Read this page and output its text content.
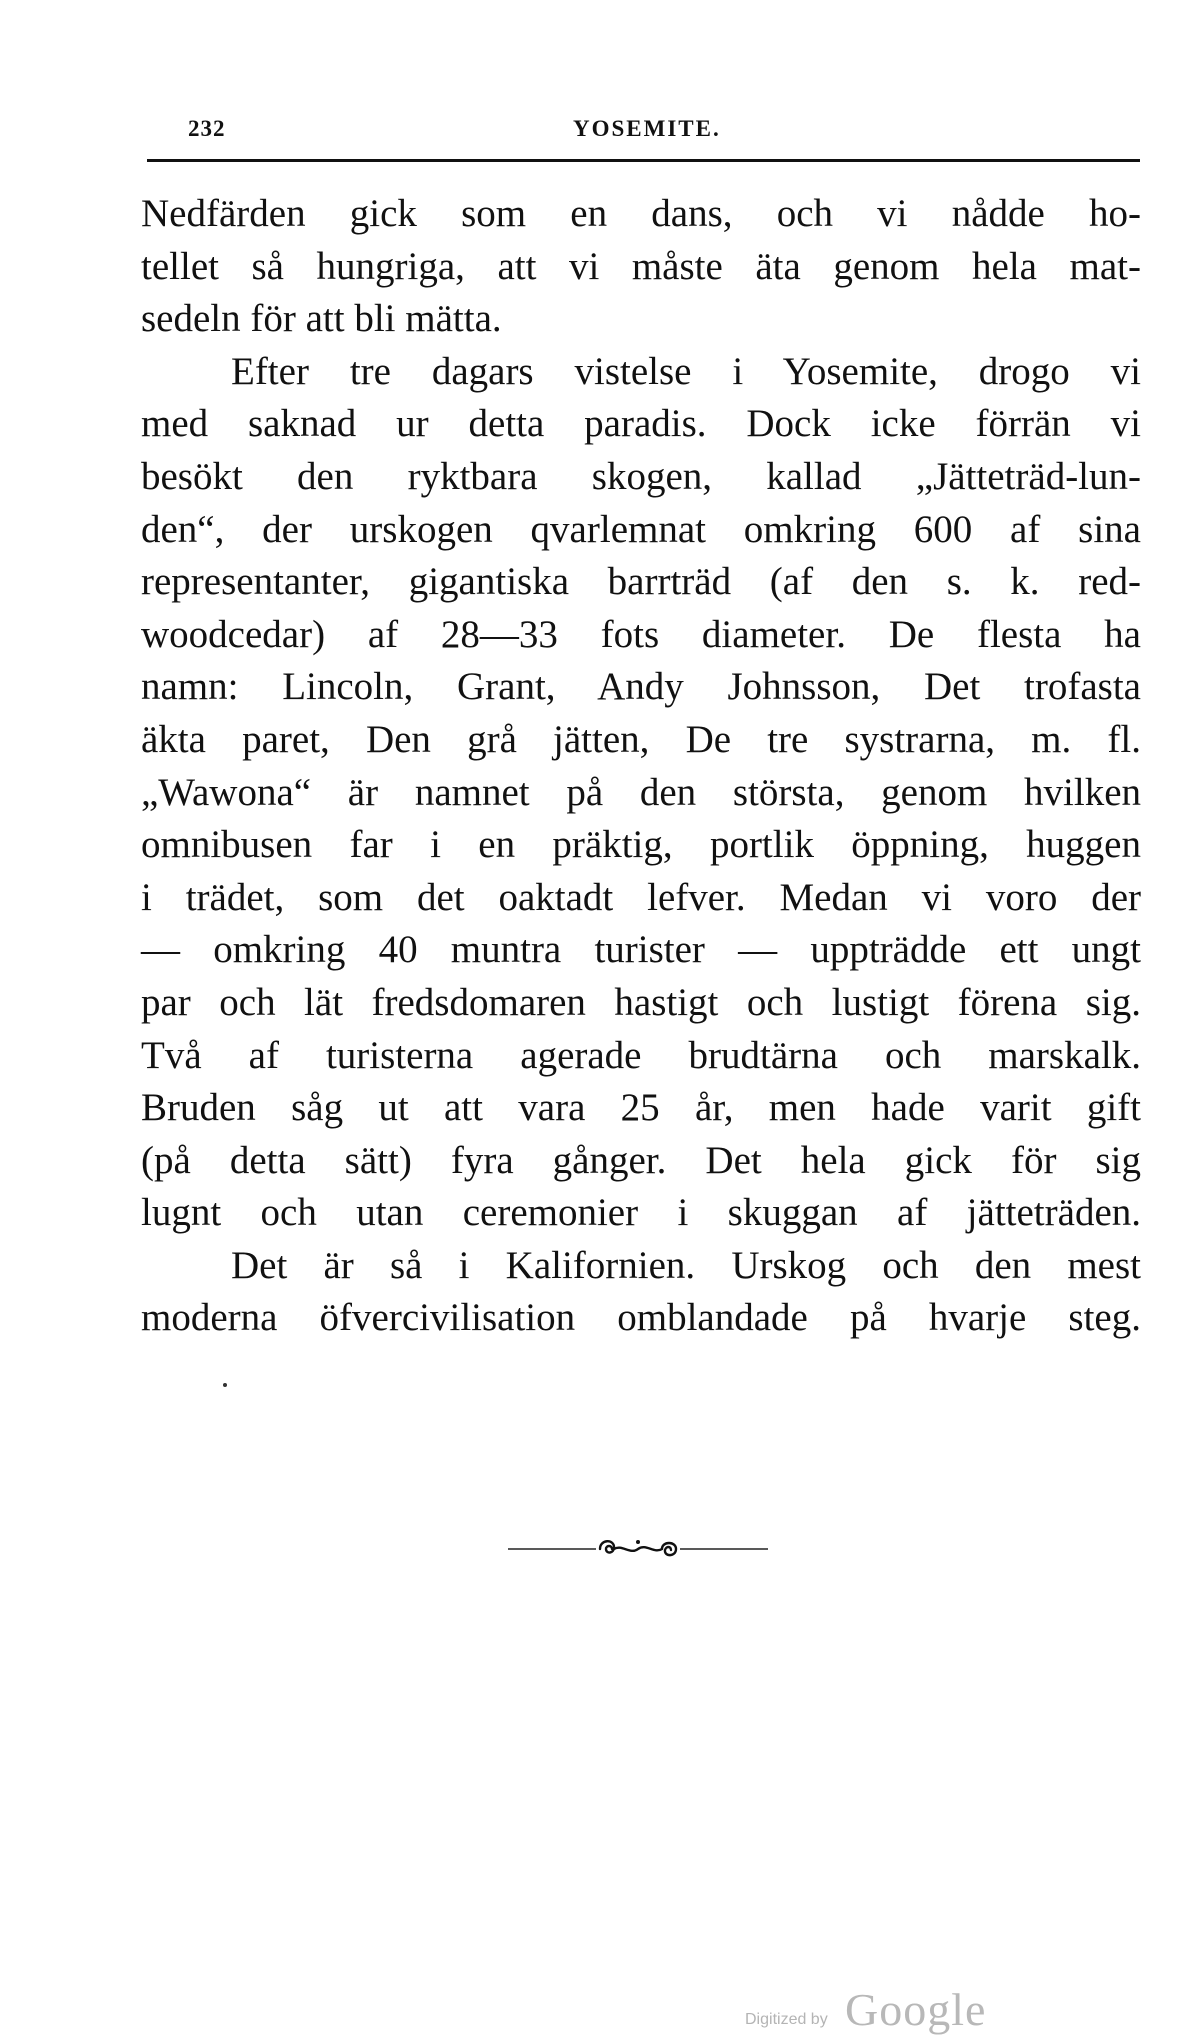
232	YOSEMITE.
Nedfärden gick som en dans, och vi nådde ho-
tellet så hungriga, att vi måste äta genom hela mat-
sedeln för att bli mätta.
Efter tre dagars vistelse i Yosemite, drogo vi
med saknad ur detta paradis. Dock icke förrän vi
besökt den ryktbara skogen, kallad „Jätteträd-lun-
den“, der urskogen qvarlemnat omkring 600 af sina
representanter, gigantiska barrträd (af den s. k. red-
woodcedar) af 28—33 fots diameter. De flesta ha
namn: Lincoln, Grant, Andy Johnsson, Det trofasta
äkta paret, Den grå jätten, De tre systrarna, m. fl.
„Wawona“ är namnet på den största, genom hvilken
omnibusen far i en präktig, portlik öppning, huggen
i trädet, som det oaktadt lefver. Medan vi voro der
— omkring 40 muntra turister — uppträdde ett ungt
par och lät fredsdomaren hastigt och lustigt förena sig.
Två af turisterna agerade brudtärna och marskalk.
Bruden såg ut att vara 25 år, men hade varit gift
(på detta sätt) fyra gånger. Det hela gick för sig
lugnt och utan ceremonier i skuggan af jätteträden.
Det är så i Kalifornien. Urskog och den mest
moderna öfvercivilisation omblandade på hvarje steg.
Digitized by Google
